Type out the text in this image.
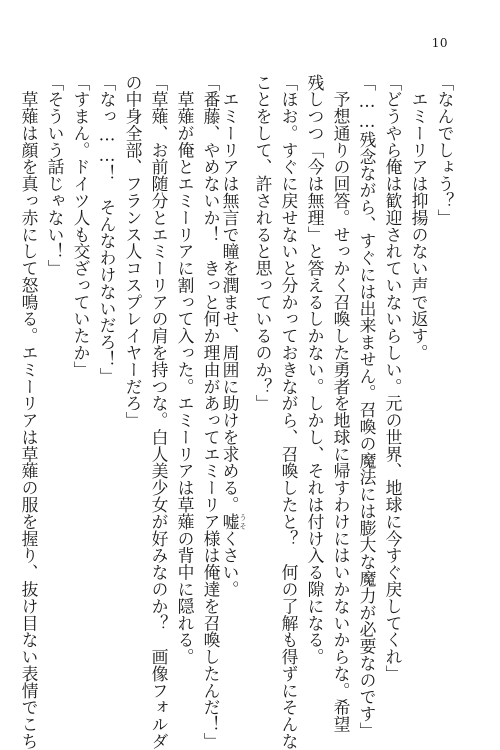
10
「なんでしょう？」
　エミーリアは抑揚のない声で返す。
「どうやら俺は歓迎されていないらしい。元の世界、地球に今すぐ戻してくれ」
「……残念ながら、すぐには出来ません。召喚の魔法には膨大な魔力が必要なのです」
　予想通りの回答。せっかく召喚した勇者を地球に帰すわけにはいかないからな。希望
残しつつ「今は無理」と答えるしかない。しかし、それは付け入る隙になる。
「ほお。すぐに戻せないと分かっておきながら、召喚したと？　何の了解も得ずにそんな
ことをして、許されると思っているのか？」
　エミーリアは無言で瞳を潤ませ、周囲に助けを求める。嘘 うそくさい。
「番藤、やめないか！　きっと何か理由があってエミーリア様は俺達を召喚したんだ！」
　草薙が俺とエミーリアに割って入った。エミーリアは草薙の背中に隠れる。
「草薙、お前随分とエミーリアの肩を持つな。白人美少女が好みなのか？　画像フォルダ
の中身全部、フランス人コスプレイヤーだろ」
「なっ……！　そんなわけないだろ！」
「すまん。ドイツ人も交ざっていたか」
「そういう話じゃない！」
　草薙は顔を真っ赤にして怒鳴る。エミーリアは草薙の服を握り、抜け目ない表情でこち
